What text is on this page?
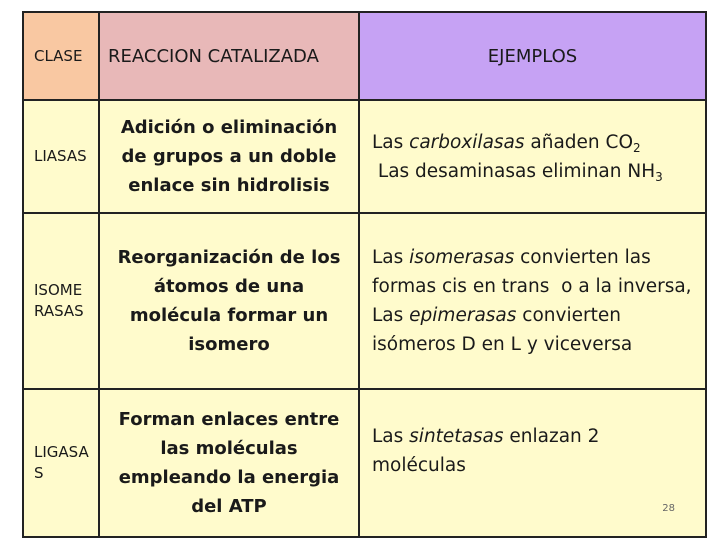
CLASE REACCION CATALIZADA	EJEMPLOS
LIASAS
Adición o eliminación
de grupos a un doble
enlace sin hidrolisis
Las carboxilasas añaden $CO_2$
Las desaminasas eliminan $NH_3$
ISOME
RASAS
Reorganización de los
átomos de una
molécula formar un
isomero
Las isomerasas convierten las
formas cis en trans  o a la inversa,
Las epimerasas convierten
isómeros D en L y viceversa
LIGASA
S
Forman enlaces entre
las moléculas
empleando la energia
del ATP
Las sintetasas enlazan 2
moléculas
28
